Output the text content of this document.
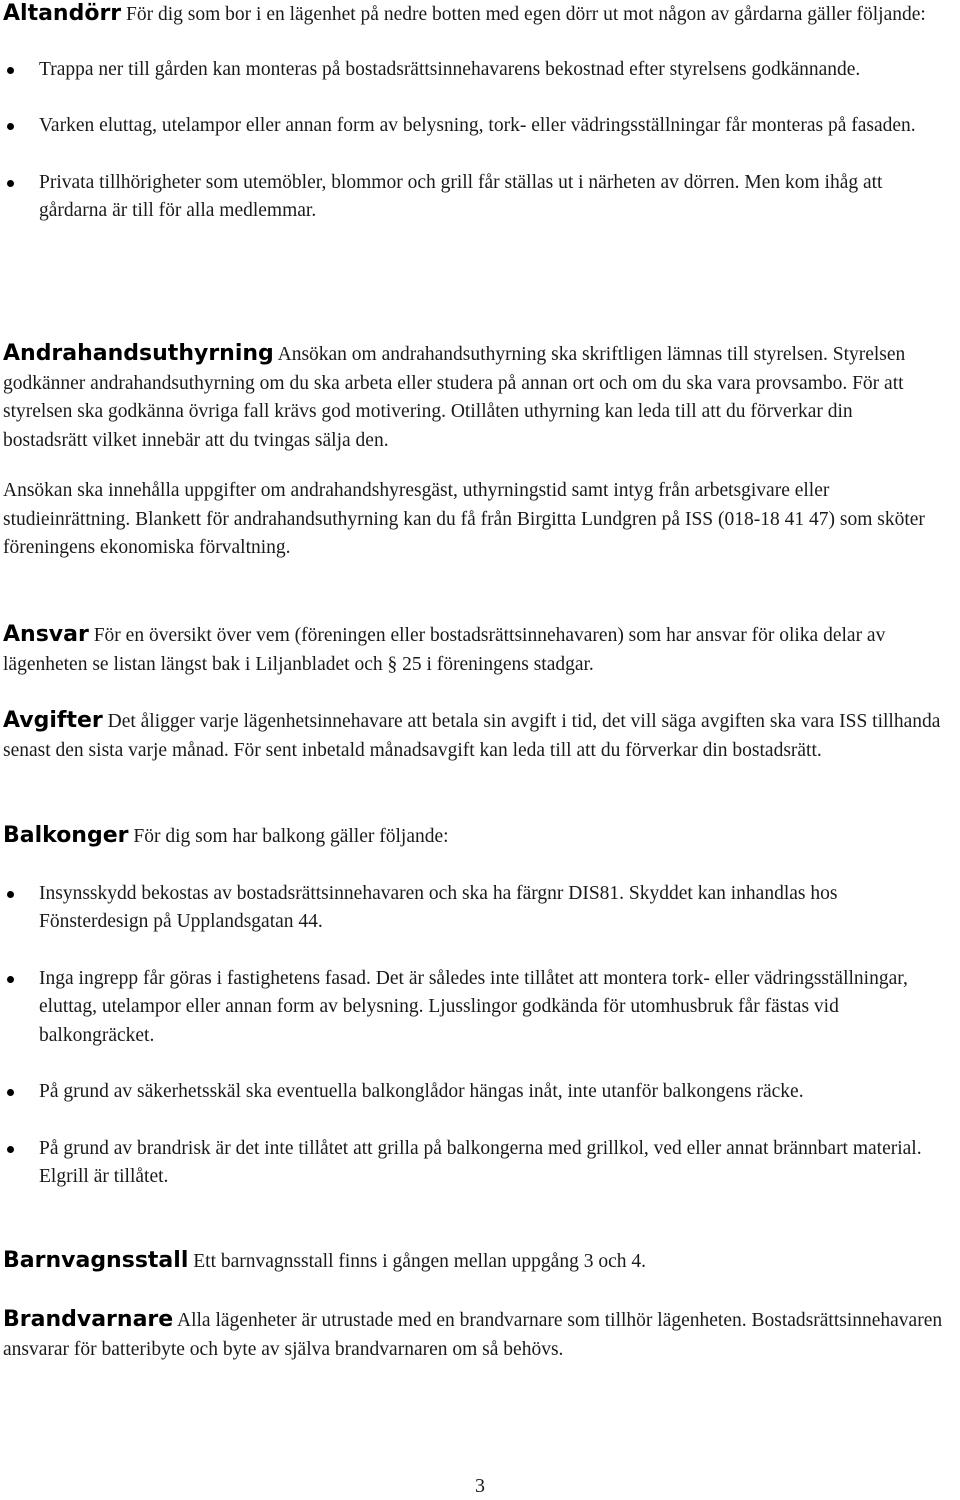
Altandörr För dig som bor i en lägenhet på nedre botten med egen dörr ut mot någon av gårdarna gäller följande:

Trappa ner till gården kan monteras på bostadsrättsinnehavarens bekostnad efter styrelsens godkännande.
Varken eluttag, utelampor eller annan form av belysning, tork- eller vädringsställningar får monteras på fasaden.
Privata tillhörigheter som utemöbler, blommor och grill får ställas ut i närheten av dörren. Men kom ihåg att gårdarna är till för alla medlemmar.

Andrahandsuthyrning Ansökan om andrahandsuthyrning ska skriftligen lämnas till styrelsen. Styrelsen godkänner andrahandsuthyrning om du ska arbeta eller studera på annan ort och om du ska vara provsambo. För att styrelsen ska godkänna övriga fall krävs god motivering. Otillåten uthyrning kan leda till att du förverkar din bostadsrätt vilket innebär att du tvingas sälja den.

Ansökan ska innehålla uppgifter om andrahandshyresgäst, uthyrningstid samt intyg från arbetsgivare eller studieinrättning. Blankett för andrahandsuthyrning kan du få från Birgitta Lundgren på ISS (018-18 41 47) som sköter föreningens ekonomiska förvaltning.

Ansvar För en översikt över vem (föreningen eller bostadsrättsinnehavaren) som har ansvar för olika delar av lägenheten se listan längst bak i Liljanbladet och § 25 i föreningens stadgar.

Avgifter Det åligger varje lägenhetsinnehavare att betala sin avgift i tid, det vill säga avgiften ska vara ISS tillhanda senast den sista varje månad. För sent inbetald månadsavgift kan leda till att du förverkar din bostadsrätt.

Balkonger För dig som har balkong gäller följande:

Insynsskydd bekostas av bostadsrättsinnehavaren och ska ha färgnr DIS81. Skyddet kan inhandlas hos Fönsterdesign på Upplandsgatan 44.
Inga ingrepp får göras i fastighetens fasad. Det är således inte tillåtet att montera tork- eller vädringsställningar, eluttag, utelampor eller annan form av belysning. Ljusslingor godkända för utomhusbruk får fästas vid balkongräcket.
På grund av säkerhetsskäl ska eventuella balkonglådor hängas inåt, inte utanför balkongens räcke.
På grund av brandrisk är det inte tillåtet att grilla på balkongerna med grillkol, ved eller annat brännbart material. Elgrill är tillåtet.

Barnvagnsstall Ett barnvagnsstall finns i gången mellan uppgång 3 och 4.

Brandvarnare Alla lägenheter är utrustade med en brandvarnare som tillhör lägenheten. Bostadsrättsinnehavaren ansvarar för batteribyte och byte av själva brandvarnaren om så behövs.

3
